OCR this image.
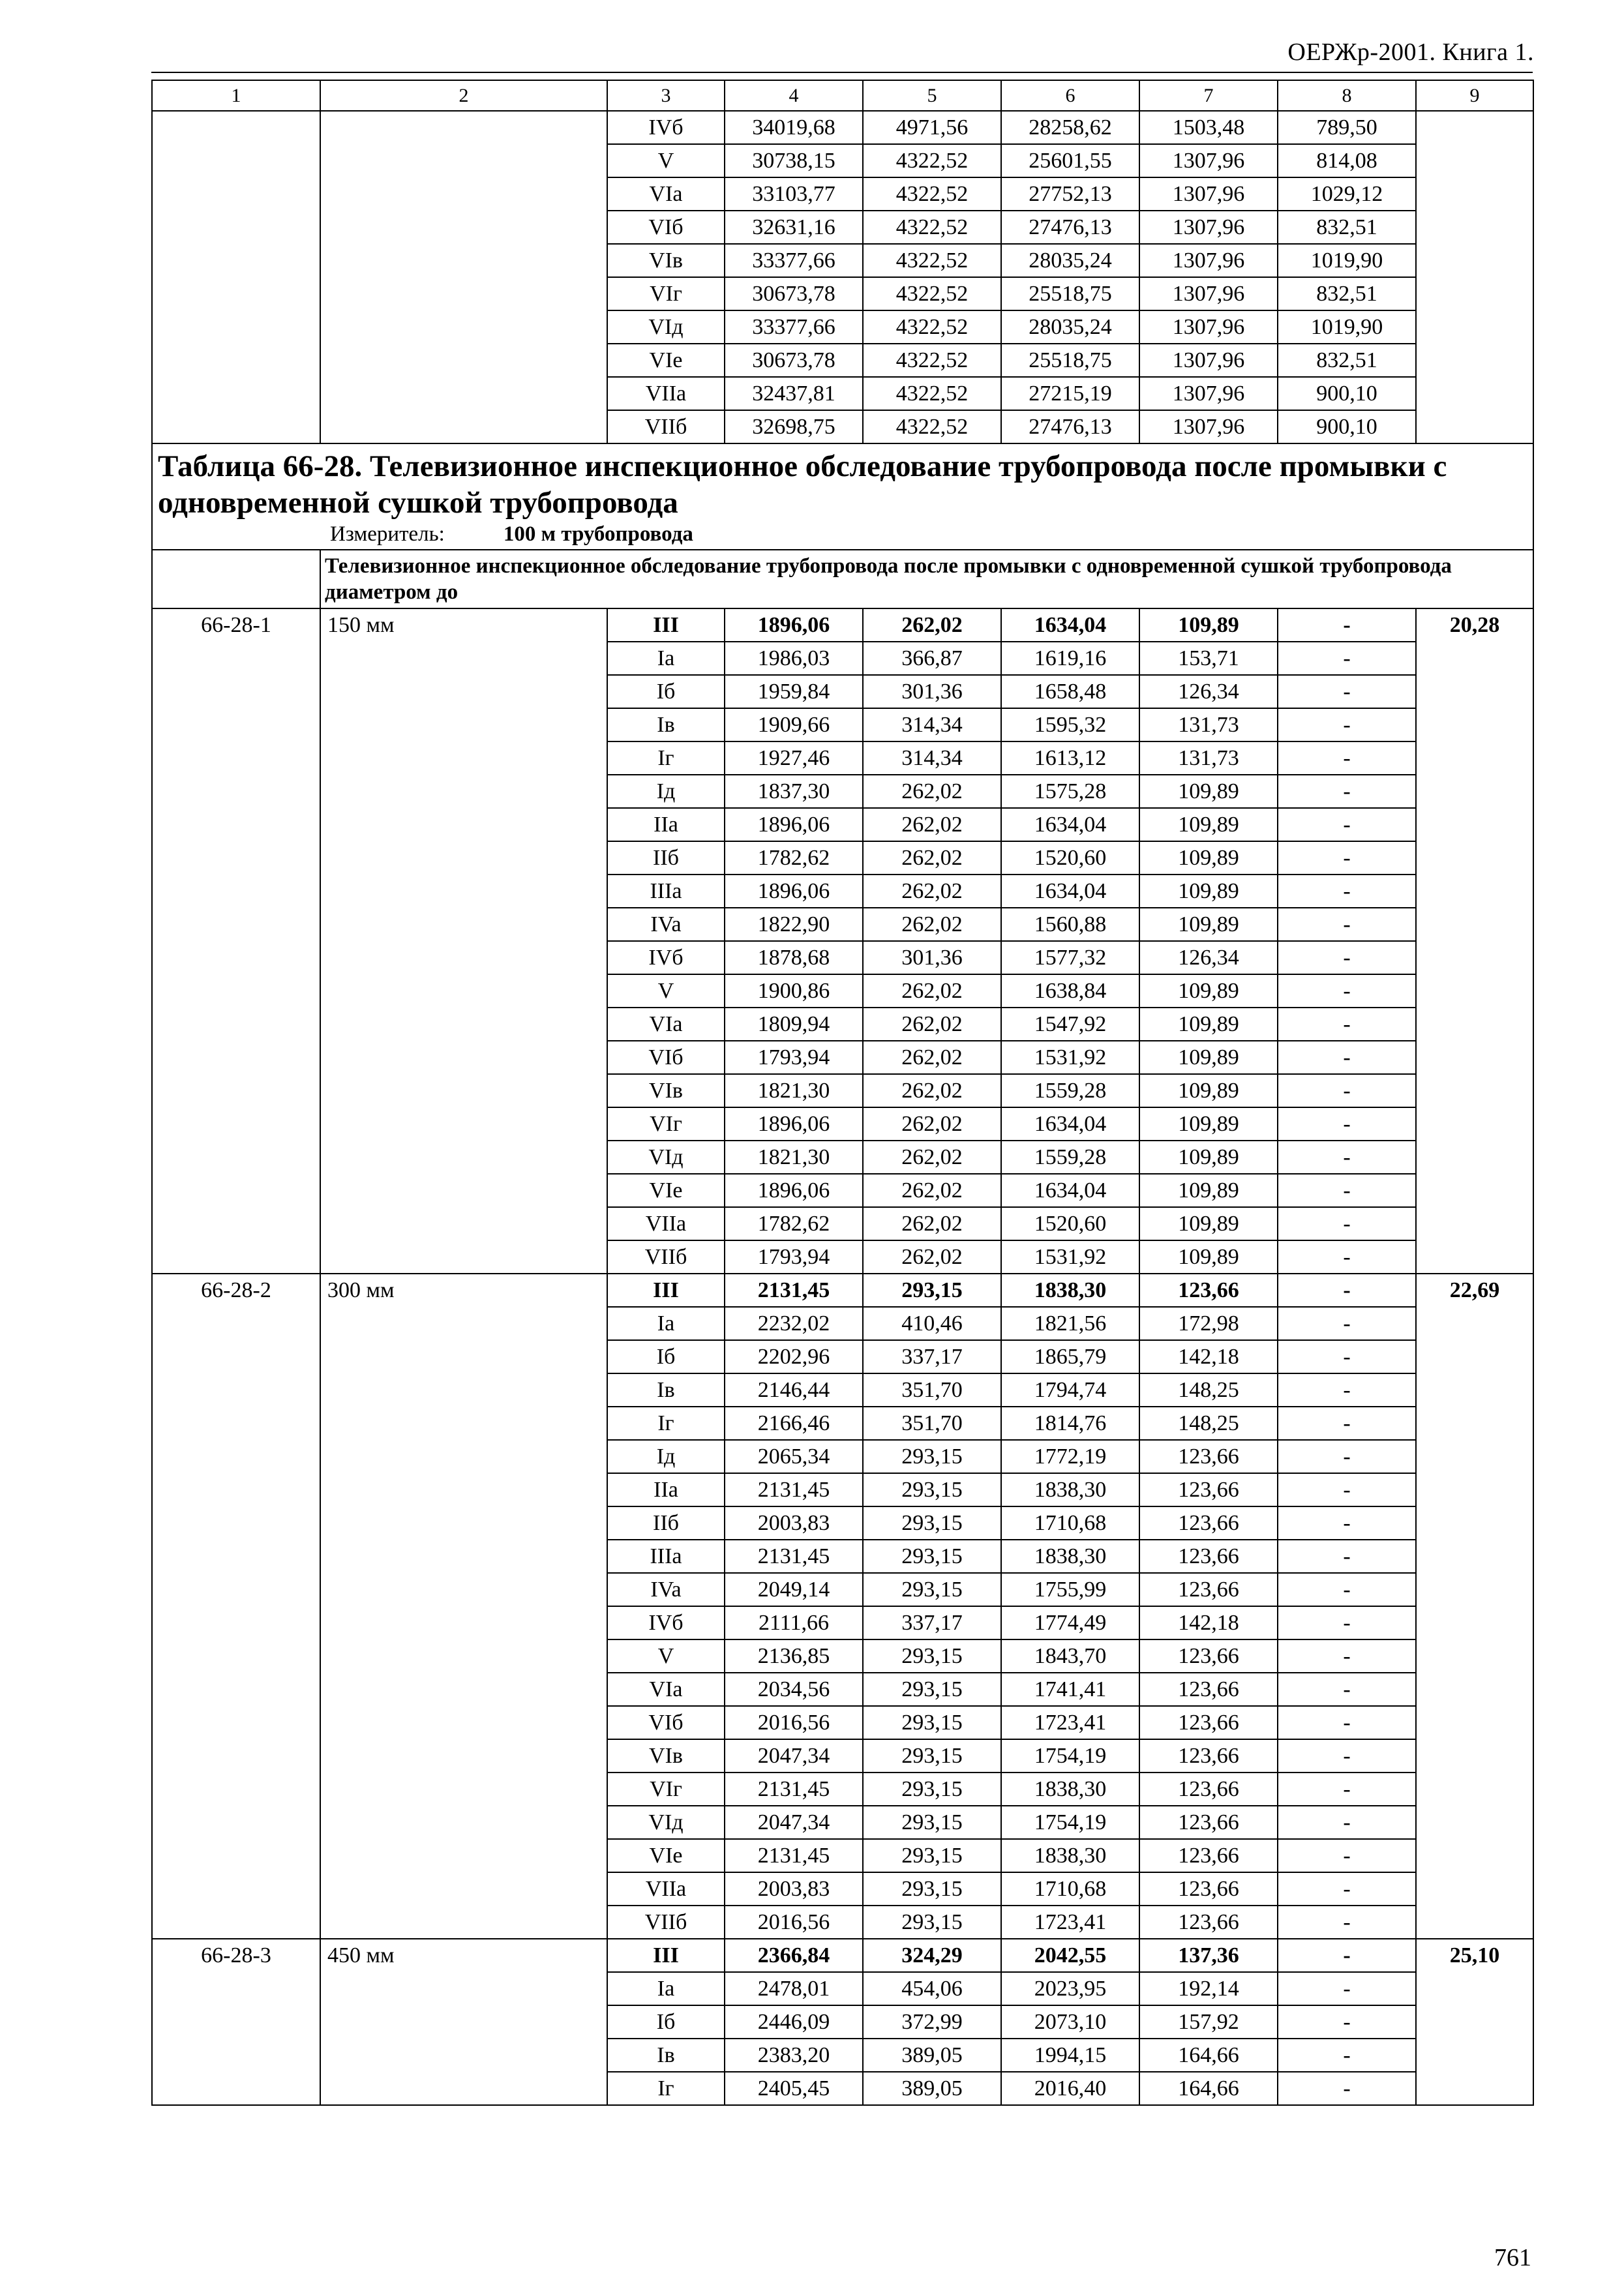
ОЕРЖр-2001. Книга 1.
1	2	3	4	5	6	7	8	9
		IVб	34019,68	4971,56	28258,62	1503,48	789,50	
		V	30738,15	4322,52	25601,55	1307,96	814,08	
		VIa	33103,77	4322,52	27752,13	1307,96	1029,12	
		VIб	32631,16	4322,52	27476,13	1307,96	832,51	
		VIв	33377,66	4322,52	28035,24	1307,96	1019,90	
		VIг	30673,78	4322,52	25518,75	1307,96	832,51	
		VIд	33377,66	4322,52	28035,24	1307,96	1019,90	
		VIe	30673,78	4322,52	25518,75	1307,96	832,51	
		VIIa	32437,81	4322,52	27215,19	1307,96	900,10	
		VIIб	32698,75	4322,52	27476,13	1307,96	900,10	

Таблица 66-28. Телевизионное инспекционное обследование трубопровода после промывки с одновременной сушкой трубопровода
Измеритель: 100 м трубопровода								

	Телевизионное инспекционное обследование трубопровода после промывки с одновременной сушкой трубопровода диаметром до							
66-28-1	150 мм	III	1896,06	262,02	1634,04	109,89	-	20,28
		Ia	1986,03	366,87	1619,16	153,71	-	
		Iб	1959,84	301,36	1658,48	126,34	-	
		Iв	1909,66	314,34	1595,32	131,73	-	
		Iг	1927,46	314,34	1613,12	131,73	-	
		Iд	1837,30	262,02	1575,28	109,89	-	
		IIa	1896,06	262,02	1634,04	109,89	-	
		IIб	1782,62	262,02	1520,60	109,89	-	
		IIIa	1896,06	262,02	1634,04	109,89	-	
		IVa	1822,90	262,02	1560,88	109,89	-	
		IVб	1878,68	301,36	1577,32	126,34	-	
		V	1900,86	262,02	1638,84	109,89	-	
		VIa	1809,94	262,02	1547,92	109,89	-	
		VIб	1793,94	262,02	1531,92	109,89	-	
		VIв	1821,30	262,02	1559,28	109,89	-	
		VIг	1896,06	262,02	1634,04	109,89	-	
		VIд	1821,30	262,02	1559,28	109,89	-	
		VIe	1896,06	262,02	1634,04	109,89	-	
		VIIa	1782,62	262,02	1520,60	109,89	-	
		VIIб	1793,94	262,02	1531,92	109,89	-	
66-28-2	300 мм	III	2131,45	293,15	1838,30	123,66	-	22,69
		Ia	2232,02	410,46	1821,56	172,98	-	
		Iб	2202,96	337,17	1865,79	142,18	-	
		Iв	2146,44	351,70	1794,74	148,25	-	
		Iг	2166,46	351,70	1814,76	148,25	-	
		Iд	2065,34	293,15	1772,19	123,66	-	
		IIa	2131,45	293,15	1838,30	123,66	-	
		IIб	2003,83	293,15	1710,68	123,66	-	
		IIIa	2131,45	293,15	1838,30	123,66	-	
		IVa	2049,14	293,15	1755,99	123,66	-	
		IVб	2111,66	337,17	1774,49	142,18	-	
		V	2136,85	293,15	1843,70	123,66	-	
		VIa	2034,56	293,15	1741,41	123,66	-	
		VIб	2016,56	293,15	1723,41	123,66	-	
		VIв	2047,34	293,15	1754,19	123,66	-	
		VIг	2131,45	293,15	1838,30	123,66	-	
		VIд	2047,34	293,15	1754,19	123,66	-	
		VIe	2131,45	293,15	1838,30	123,66	-	
		VIIa	2003,83	293,15	1710,68	123,66	-	
		VIIб	2016,56	293,15	1723,41	123,66	-	
66-28-3	450 мм	III	2366,84	324,29	2042,55	137,36	-	25,10
		Ia	2478,01	454,06	2023,95	192,14	-	
		Iб	2446,09	372,99	2073,10	157,92	-	
		Iв	2383,20	389,05	1994,15	164,66	-	
		Iг	2405,45	389,05	2016,40	164,66	-	
761
